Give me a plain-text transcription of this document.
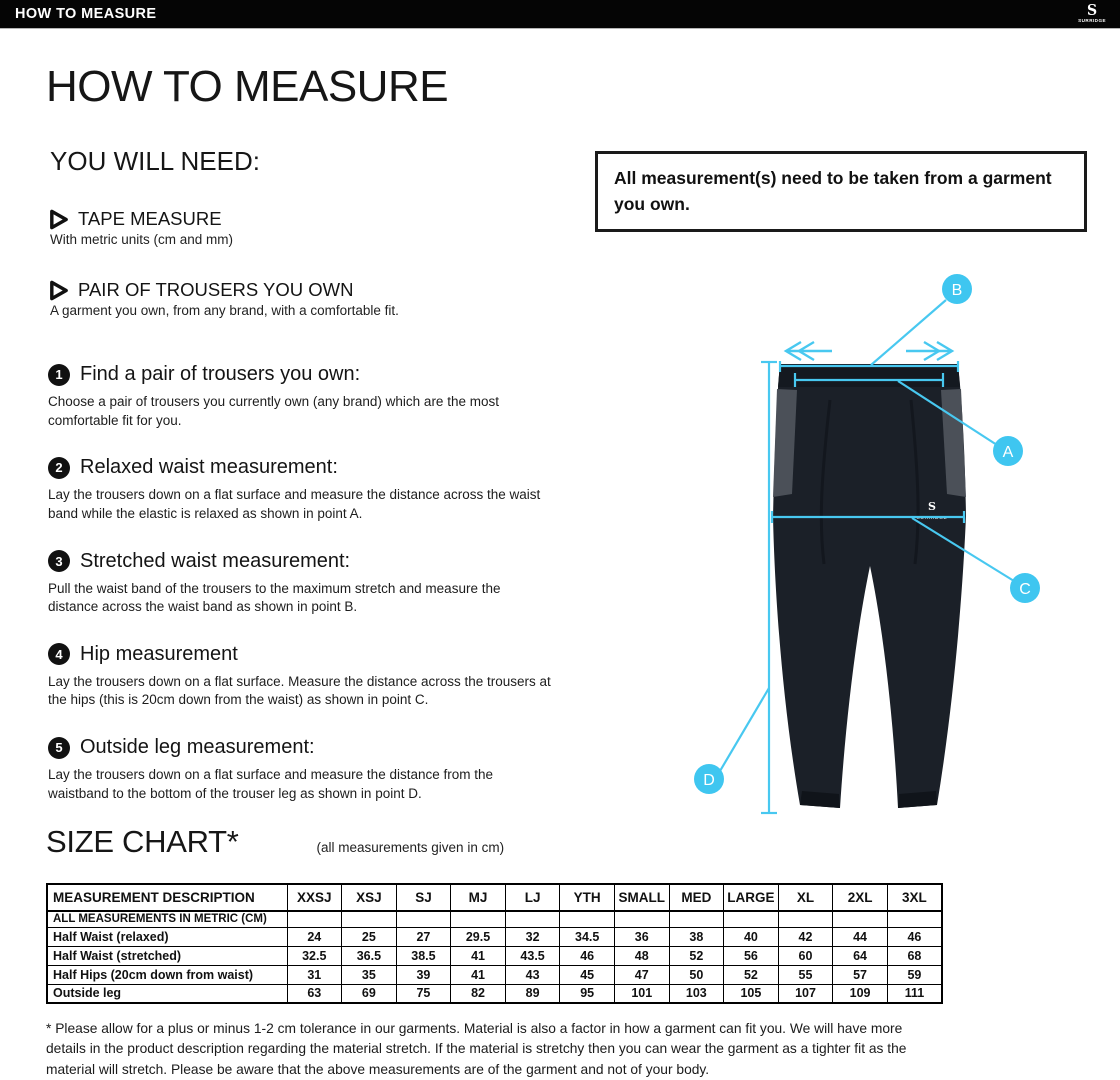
HOW TO MEASURE	S
SURRIDGE
HOW TO MEASURE
YOU WILL NEED:
TAPE MEASURE
With metric units (cm and mm)
PAIR OF TROUSERS YOU OWN
A garment you own, from any brand, with a comfortable fit.
All measurement(s) need to be taken from a garment you own.
1 Find a pair of trousers you own:

Choose a pair of trousers you currently own (any brand) which are the most comfortable fit for you.

2 Relaxed waist measurement:

Lay the trousers down on a flat surface and measure the distance across the waist band while the elastic is relaxed as shown in point A.

3 Stretched waist measurement:

Pull the waist band of the trousers to the maximum stretch and measure the distance across the waist band as shown in point B.

4 Hip measurement

Lay the trousers down on a flat surface. Measure the distance across the trousers at the hips (this is 20cm down from the waist) as shown in point C.

5 Outside leg measurement:

Lay the trousers down on a flat surface and measure the distance from the waistband to the bottom of the trouser leg as shown in point D.

S
SURRIDGE
A
B
C
D
SIZE CHART*	(all measurements given in cm)
MEASUREMENT DESCRIPTION	XXSJ	XSJ	SJ	MJ	LJ	YTH	SMALL	MED	LARGE	XL	2XL	3XL
ALL MEASUREMENTS IN METRIC (CM)												
Half Waist (relaxed)	24	25	27	29.5	32	34.5	36	38	40	42	44	46
Half Waist (stretched)	32.5	36.5	38.5	41	43.5	46	48	52	56	60	64	68
Half Hips (20cm down from waist)	31	35	39	41	43	45	47	50	52	55	57	59
Outside leg	63	69	75	82	89	95	101	103	105	107	109	111

* Please allow for a plus or minus 1-2 cm tolerance in our garments. Material is also a factor in how a garment can fit you. We will have more details in the product description regarding the material stretch. If the material is stretchy then you can wear the garment as a tighter fit as the material will stretch. Please be aware that the above measurements are of the garment and not of your body.
